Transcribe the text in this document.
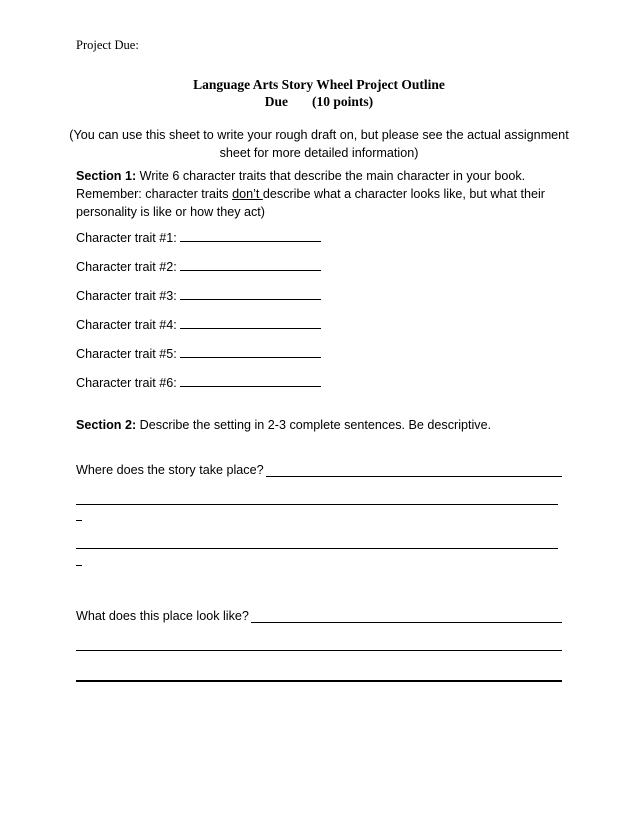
Project Due:
Language Arts Story Wheel Project Outline
Due (10 points)
(You can use this sheet to write your rough draft on, but please see the actual assignment sheet for more detailed information)
Section 1: Write 6 character traits that describe the main character in your book. Remember: character traits don’t describe what a character looks like, but what their personality is like or how they act)
Character trait #1:
Character trait #2:
Character trait #3:
Character trait #4:
Character trait #5:
Character trait #6:
Section 2: Describe the setting in 2-3 complete sentences. Be descriptive.
Where does the story take place?
What does this place look like?
